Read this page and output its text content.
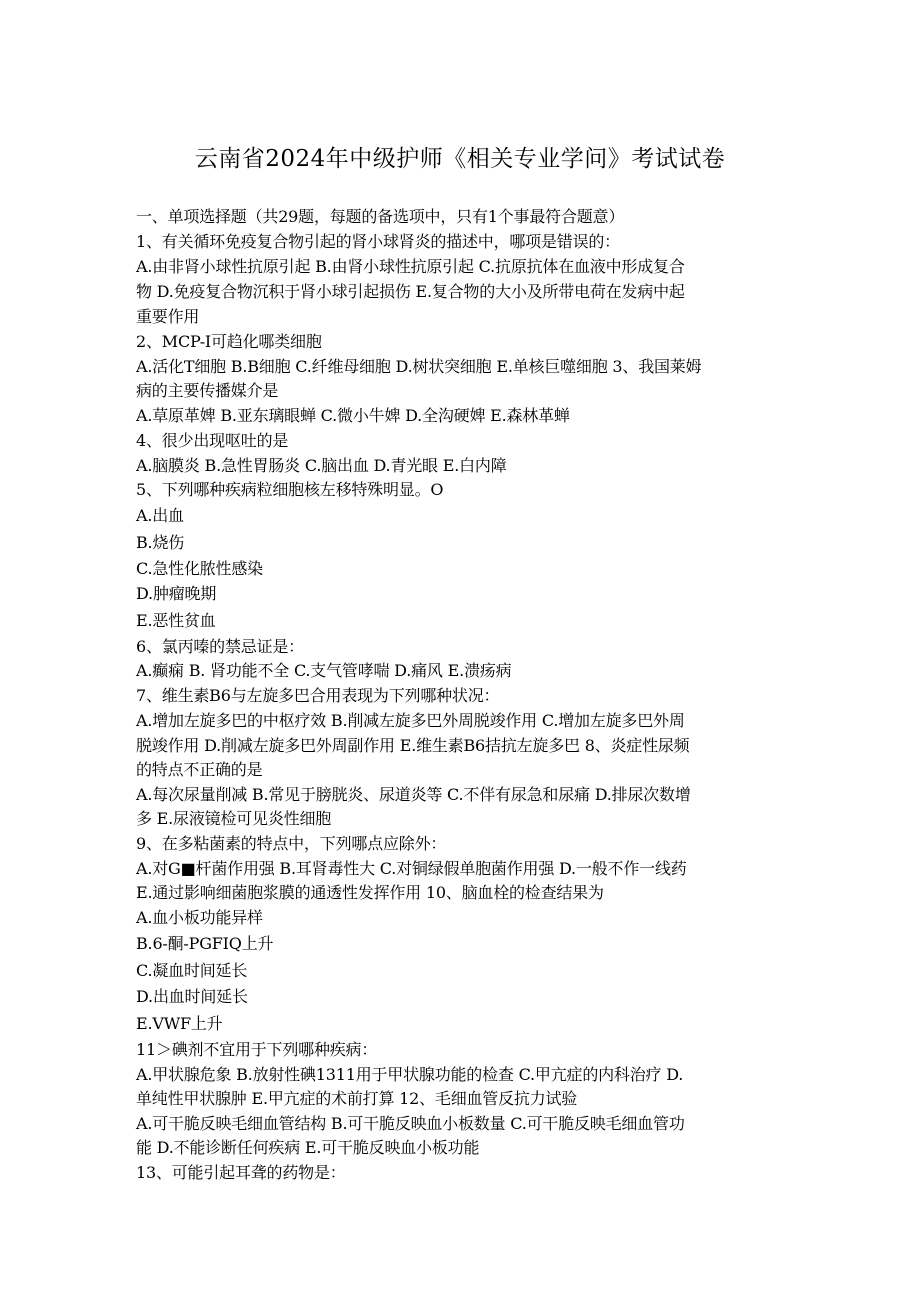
云南省2024年中级护师《相关专业学问》考试试卷
一、单项选择题（共29题，每题的备选项中，只有1个事最符合题意）
1、有关循环免疫复合物引起的肾小球肾炎的描述中，哪项是错误的：
A.由非肾小球性抗原引起 B.由肾小球性抗原引起 C.抗原抗体在血液中形成复合
物 D.免疫复合物沉积于肾小球引起损伤 E.复合物的大小及所带电荷在发病中起
重要作用
2、MCP-I可趋化哪类细胞
A.活化T细胞 B.B细胞 C.纤维母细胞 D.树状突细胞 E.单核巨噬细胞 3、我国莱姆
病的主要传播媒介是
A.草原革婢 B.亚东璃眼蝉 C.微小牛婢 D.全沟硬婢 E.森林革蝉
4、很少出现呕吐的是
A.脑膜炎 B.急性胃肠炎 C.脑出血 D.青光眼 E.白内障
5、下列哪种疾病粒细胞核左移特殊明显。O
A.出血
B.烧伤
C.急性化脓性感染
D.肿瘤晚期
E.恶性贫血
6、氯丙嗪的禁忌证是：
A.癫痫 B. 肾功能不全 C.支气管哮喘 D.痛风 E.溃疡病
7、维生素B6与左旋多巴合用表现为下列哪种状况：
A.增加左旋多巴的中枢疗效 B.削减左旋多巴外周脱竣作用 C.增加左旋多巴外周
脱竣作用 D.削减左旋多巴外周副作用 E.维生素B6拮抗左旋多巴 8、炎症性尿频
的特点不正确的是
A.每次尿量削减 B.常见于膀胱炎、尿道炎等 C.不伴有尿急和尿痛 D.排尿次数增
多 E.尿液镜检可见炎性细胞
9、在多粘菌素的特点中，下列哪点应除外：
A.对G■杆菌作用强 B.耳肾毒性大 C.对铜绿假单胞菌作用强 D.一般不作一线药
E.通过影响细菌胞浆膜的通透性发挥作用 10、脑血栓的检查结果为
A.血小板功能异样
B.6-酮-PGFIQ上升
C.凝血时间延长
D.出血时间延长
E.VWF上升
11＞碘剂不宜用于下列哪种疾病：
A.甲状腺危象 B.放射性碘1311用于甲状腺功能的检查 C.甲亢症的内科治疗 D.
单纯性甲状腺肿 E.甲亢症的术前打算 12、毛细血管反抗力试验
A.可干脆反映毛细血管结构 B.可干脆反映血小板数量 C.可干脆反映毛细血管功
能 D.不能诊断任何疾病 E.可干脆反映血小板功能
13、可能引起耳聋的药物是：
